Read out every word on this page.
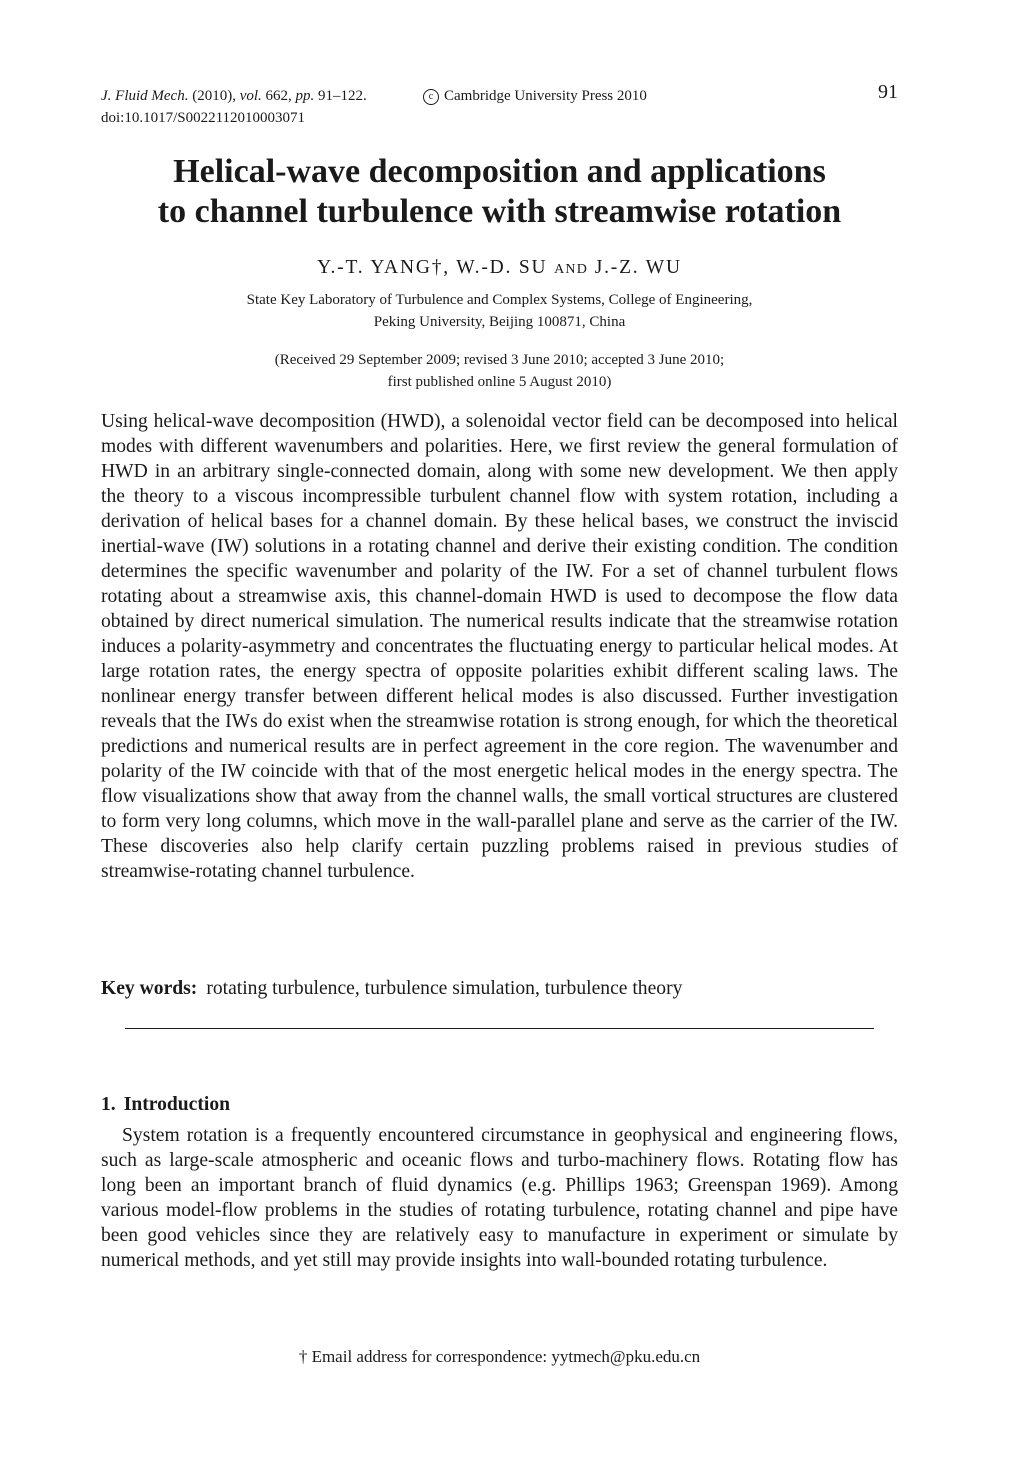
J. Fluid Mech. (2010), vol. 662, pp. 91–122.	c Cambridge University Press 2010	91
doi:10.1017/S0022112010003071
Helical-wave decomposition and applications
to channel turbulence with streamwise rotation
Y.-T. YANG†, W.-D. SU AND J.-Z. WU
State Key Laboratory of Turbulence and Complex Systems, College of Engineering,
Peking University, Beijing 100871, China
(Received 29 September 2009; revised 3 June 2010; accepted 3 June 2010;
first published online 5 August 2010)

Using helical-wave decomposition (HWD), a solenoidal vector field can be decomposed into helical modes with different wavenumbers and polarities. Here, we first review the general formulation of HWD in an arbitrary single-connected domain, along with some new development. We then apply the theory to a viscous incompressible turbulent channel flow with system rotation, including a derivation of helical bases for a channel domain. By these helical bases, we construct the inviscid inertial-wave (IW) solutions in a rotating channel and derive their existing condition. The condition determines the specific wavenumber and polarity of the IW. For a set of channel turbulent flows rotating about a streamwise axis, this channel-domain HWD is used to decompose the flow data obtained by direct numerical simulation. The numerical results indicate that the streamwise rotation induces a polarity-asymmetry and concentrates the fluctuating energy to particular helical modes. At large rotation rates, the energy spectra of opposite polarities exhibit different scaling laws. The nonlinear energy transfer between different helical modes is also discussed. Further investigation reveals that the IWs do exist when the streamwise rotation is strong enough, for which the theoretical predictions and numerical results are in perfect agreement in the core region. The wavenumber and polarity of the IW coincide with that of the most energetic helical modes in the energy spectra. The flow visualizations show that away from the channel walls, the small vortical structures are clustered to form very long columns, which move in the wall-parallel plane and serve as the carrier of the IW. These discoveries also help clarify certain puzzling problems raised in previous studies of streamwise-rotating channel turbulence.

Key words: rotating turbulence, turbulence simulation, turbulence theory
1. Introduction

System rotation is a frequently encountered circumstance in geophysical and engineering flows, such as large-scale atmospheric and oceanic flows and turbo-machinery flows. Rotating flow has long been an important branch of fluid dynamics (e.g. Phillips 1963; Greenspan 1969). Among various model-flow problems in the studies of rotating turbulence, rotating channel and pipe have been good vehicles since they are relatively easy to manufacture in experiment or simulate by numerical methods, and yet still may provide insights into wall-bounded rotating turbulence.

† Email address for correspondence: yytmech@pku.edu.cn
